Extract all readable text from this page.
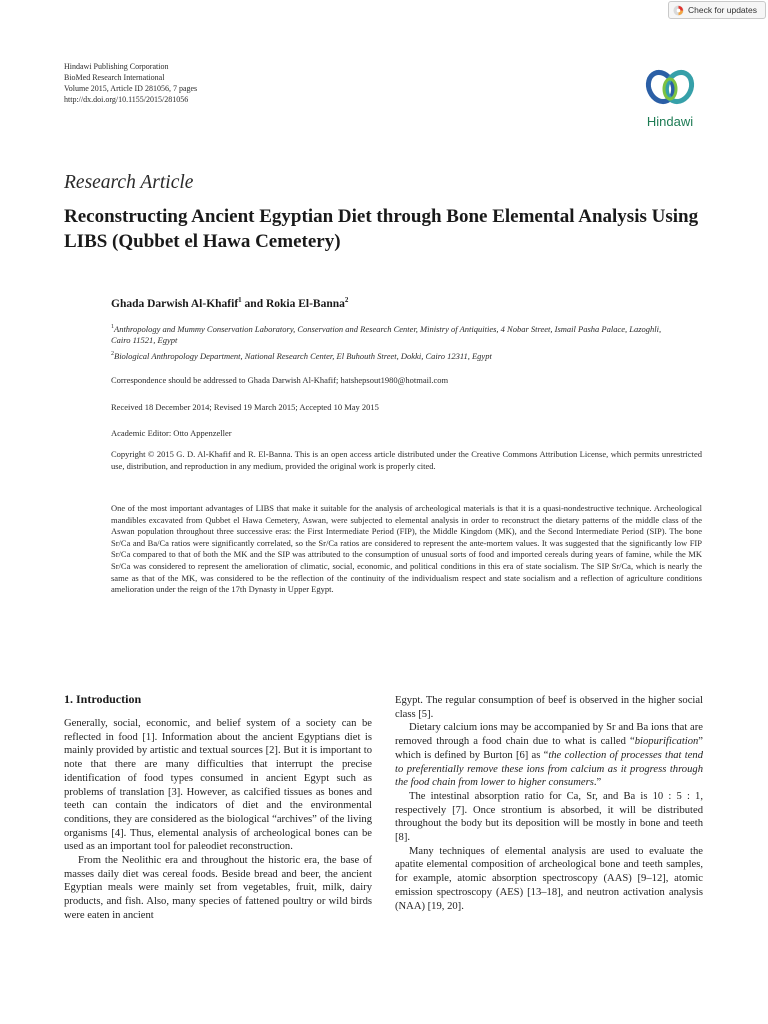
Check for updates
Hindawi Publishing Corporation
BioMed Research International
Volume 2015, Article ID 281056, 7 pages
http://dx.doi.org/10.1155/2015/281056
Hindawi
Research Article
Reconstructing Ancient Egyptian Diet through Bone Elemental Analysis Using LIBS (Qubbet el Hawa Cemetery)
Ghada Darwish Al-Khafif$^1$ and Rokia El-Banna$^2$
$^1$Anthropology and Mummy Conservation Laboratory, Conservation and Research Center, Ministry of Antiquities, 4 Nobar Street, Ismail Pasha Palace, Lazoghli, Cairo 11521, Egypt
$^2$Biological Anthropology Department, National Research Center, El Buhouth Street, Dokki, Cairo 12311, Egypt
Correspondence should be addressed to Ghada Darwish Al-Khafif; hatshepsout1980@hotmail.com
Received 18 December 2014; Revised 19 March 2015; Accepted 10 May 2015
Academic Editor: Otto Appenzeller
Copyright © 2015 G. D. Al-Khafif and R. El-Banna. This is an open access article distributed under the Creative Commons Attribution License, which permits unrestricted use, distribution, and reproduction in any medium, provided the original work is properly cited.
One of the most important advantages of LIBS that make it suitable for the analysis of archeological materials is that it is a quasi-nondestructive technique. Archeological mandibles excavated from Qubbet el Hawa Cemetery, Aswan, were subjected to elemental analysis in order to reconstruct the dietary patterns of the middle class of the Aswan population throughout three successive eras: the First Intermediate Period (FIP), the Middle Kingdom (MK), and the Second Intermediate Period (SIP). The bone Sr/Ca and Ba/Ca ratios were significantly correlated, so the Sr/Ca ratios are considered to represent the ante-mortem values. It was suggested that the significantly low FIP Sr/Ca compared to that of both the MK and the SIP was attributed to the consumption of unusual sorts of food and imported cereals during years of famine, while the MK Sr/Ca was considered to represent the amelioration of climatic, social, economic, and political conditions in this era of state socialism. The SIP Sr/Ca, which is nearly the same as that of the MK, was considered to be the reflection of the continuity of the individualism respect and state socialism and a reflection of agriculture conditions amelioration under the reign of the 17th Dynasty in Upper Egypt.
1. Introduction

Generally, social, economic, and belief system of a society can be reflected in food [1]. Information about the ancient Egyptians diet is mainly provided by artistic and textual sources [2]. But it is important to note that there are many difficulties that interrupt the precise identification of food types consumed in ancient Egypt such as problems of translation [3]. However, as calcified tissues as bones and teeth can contain the indicators of diet and the environmental conditions, they are considered as the biological “archives” of the living organisms [4]. Thus, elemental analysis of archeological bones can be used as an important tool for paleodiet reconstruction.

From the Neolithic era and throughout the historic era, the base of masses daily diet was cereal foods. Beside bread and beer, the ancient Egyptian meals were mainly set from vegetables, fruit, milk, dairy products, and fish. Also, many species of fattened poultry or wild birds were eaten in ancient

Egypt. The regular consumption of beef is observed in the higher social class [5].

Dietary calcium ions may be accompanied by Sr and Ba ions that are removed through a food chain due to what is called “biopurification” which is defined by Burton [6] as “the collection of processes that tend to preferentially remove these ions from calcium as it progress through the food chain from lower to higher consumers.”

The intestinal absorption ratio for Ca, Sr, and Ba is 10 : 5 : 1, respectively [7]. Once strontium is absorbed, it will be distributed throughout the body but its deposition will be mostly in bone and teeth [8].

Many techniques of elemental analysis are used to evaluate the apatite elemental composition of archeological bone and teeth samples, for example, atomic absorption spectroscopy (AAS) [9–12], atomic emission spectroscopy (AES) [13–18], and neutron activation analysis (NAA) [19, 20].
